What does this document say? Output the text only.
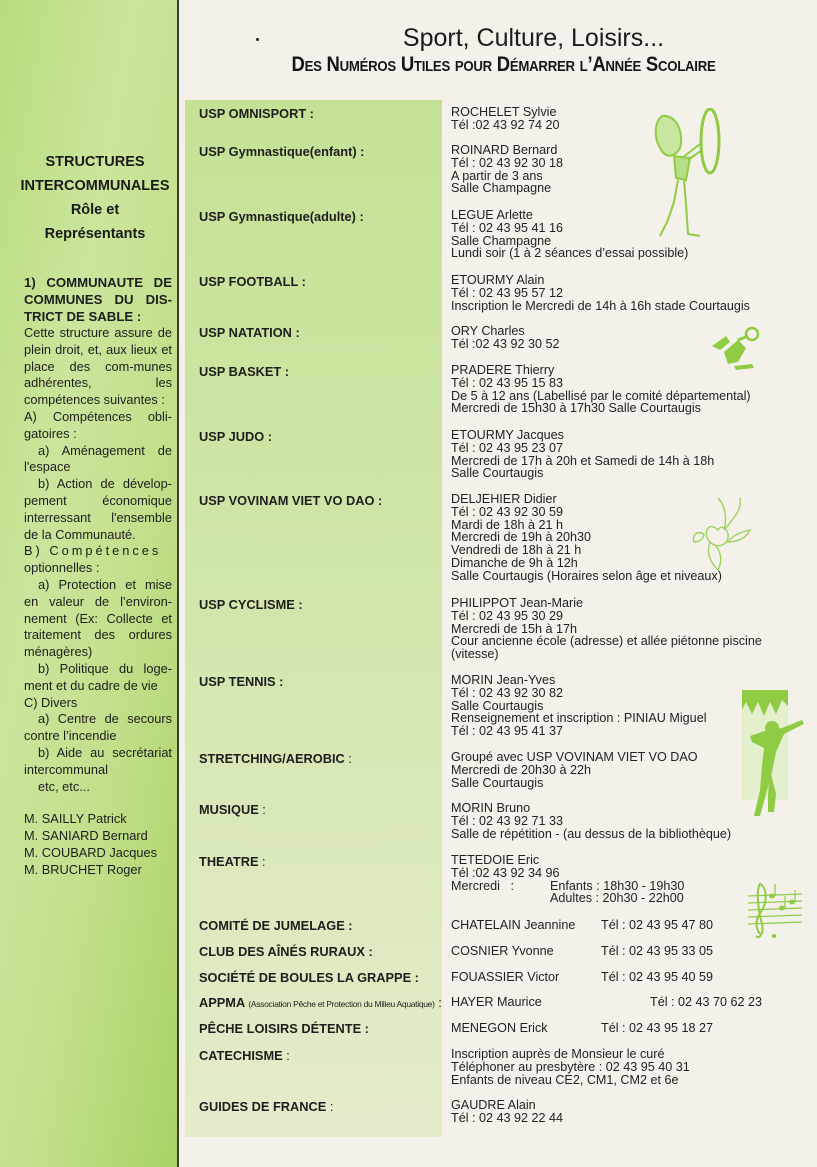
STRUCTURES
INTERCOMMUNALES
Rôle et
Représentants
1) COMMUNAUTE DE COMMUNES DU DIS-TRICT DE SABLE :
Cette structure assure de plein droit, et, aux lieux et place des com-munes adhérentes, les compétences suivantes :
A) Compétences obli-gatoires :
a) Aménagement de l'espace
b) Action de dévelop-pement économique interressant l'ensemble de la Communauté.
B) Compétences
optionnelles :
a) Protection et mise en valeur de l’environ-nement (Ex: Collecte et traitement des ordures ménagères)
b) Politique du loge-ment et du cadre de vie
C) Divers
a) Centre de secours contre l’incendie
b) Aide au secrétariat intercommunal
etc, etc...
M. SAILLY Patrick
M. SANIARD Bernard
M. COUBARD Jacques
M. BRUCHET Roger
Sport, Culture, Loisirs...
Des Numéros Utiles pour Démarrer l’Année Scolaire
USP OMNISPORT :	ROCHELET Sylvie
Tél :02 43 92 74 20
USP Gymnastique(enfant) :	ROINARD Bernard
Tél : 02 43 92 30 18
A partir de 3 ans
Salle Champagne
USP Gymnastique(adulte) :	LEGUE Arlette
Tél : 02 43 95 41 16
Salle Champagne
Lundi soir (1 à 2 séances d’essai possible)
USP FOOTBALL :	ETOURMY Alain
Tél : 02 43 95 57 12
Inscription le Mercredi de 14h à 16h stade Courtaugis
USP NATATION :	ORY Charles
Tél :02 43 92 30 52
USP BASKET :	PRADERE Thierry
Tél : 02 43 95 15 83
De 5 à 12 ans (Labellisé par le comité départemental)
Mercredi de 15h30 à 17h30 Salle Courtaugis
USP JUDO :	ETOURMY Jacques
Tél : 02 43 95 23 07
Mercredi de 17h à 20h et Samedi de 14h à 18h
Salle Courtaugis
USP VOVINAM VIET VO DAO :	DELJEHIER Didier
Tél : 02 43 92 30 59
Mardi de 18h à 21 h
Mercredi de 19h à 20h30
Vendredi de 18h à 21 h
Dimanche de 9h à 12h
Salle Courtaugis (Horaires selon âge et niveaux)
USP CYCLISME :	PHILIPPOT Jean-Marie
Tél : 02 43 95 30 29
Mercredi de 15h à 17h
Cour ancienne école (adresse) et allée piétonne piscine
(vitesse)
USP TENNIS :	MORIN Jean-Yves
Tél : 02 43 92 30 82
Salle Courtaugis
Renseignement et inscription : PINIAU Miguel
Tél : 02 43 95 41 37
STRETCHING/AEROBIC :	Groupé avec USP VOVINAM VIET VO DAO
Mercredi de 20h30 à 22h
Salle Courtaugis
MUSIQUE :	MORIN Bruno
Tél : 02 43 92 71 33
Salle de répétition - (au dessus de la bibliothèque)
THEATRE :	TETEDOIE Eric
Tél :02 43 92 34 96
Mercredi :	Enfants : 18h30 - 19h30
Adultes : 20h30 - 22h00
COMITÉ DE JUMELAGE :	CHATELAIN Jeannine Tél : 02 43 95 47 80
CLUB DES AÎNÉS RURAUX :	COSNIER Yvonne	Tél : 02 43 95 33 05
SOCIÉTÉ DE BOULES LA GRAPPE :	FOUASSIER Victor	Tél : 02 43 95 40 59
APPMA (Association Pêche et Protection du Milieu Aquatique) : HAYER Maurice	Tél : 02 43 70 62 23
PÊCHE LOISIRS DÉTENTE :	MENEGON Erick	Tél : 02 43 95 18 27
CATECHISME :	Inscription auprès de Monsieur le curé
Téléphoner au presbytère : 02 43 95 40 31
Enfants de niveau CE2, CM1, CM2 et 6e
GUIDES DE FRANCE :	GAUDRE Alain
Tél : 02 43 92 22 44
